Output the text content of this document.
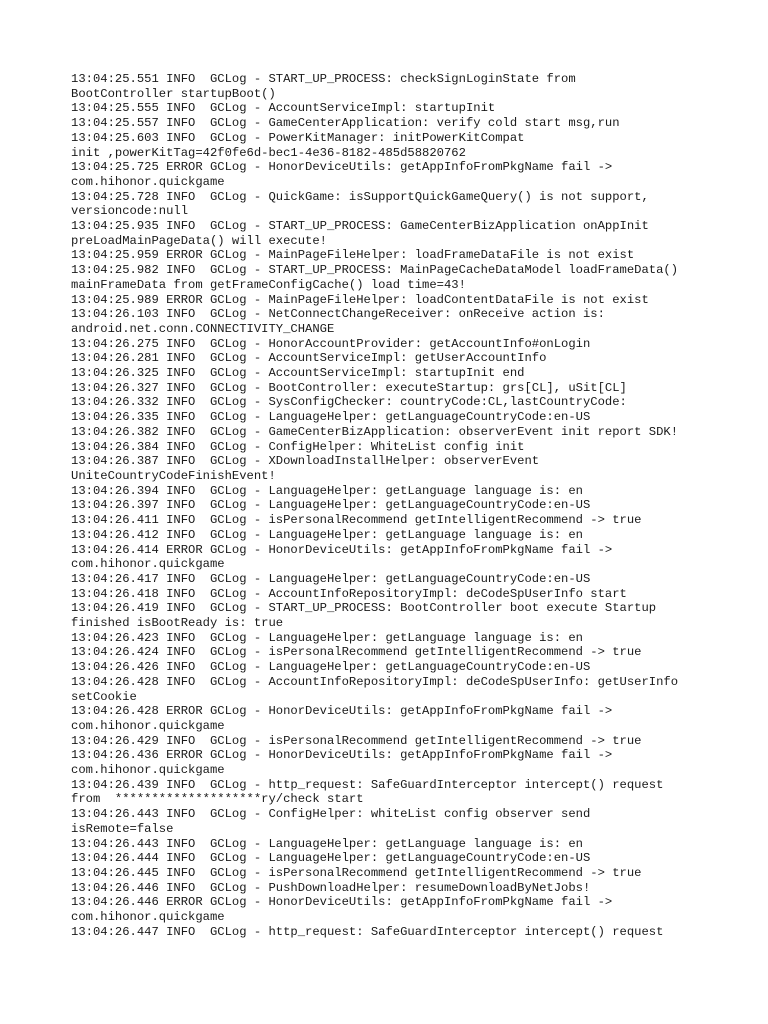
13:04:25.551 INFO  GCLog - START_UP_PROCESS: checkSignLoginState from
BootController startupBoot()
13:04:25.555 INFO  GCLog - AccountServiceImpl: startupInit
13:04:25.557 INFO  GCLog - GameCenterApplication: verify cold start msg,run
13:04:25.603 INFO  GCLog - PowerKitManager: initPowerKitCompat
init ,powerKitTag=42f0fe6d-bec1-4e36-8182-485d58820762
13:04:25.725 ERROR GCLog - HonorDeviceUtils: getAppInfoFromPkgName fail ->
com.hihonor.quickgame
13:04:25.728 INFO  GCLog - QuickGame: isSupportQuickGameQuery() is not support,
versioncode:null
13:04:25.935 INFO  GCLog - START_UP_PROCESS: GameCenterBizApplication onAppInit
preLoadMainPageData() will execute!
13:04:25.959 ERROR GCLog - MainPageFileHelper: loadFrameDataFile is not exist
13:04:25.982 INFO  GCLog - START_UP_PROCESS: MainPageCacheDataModel loadFrameData()
mainFrameData from getFrameConfigCache() load time=43!
13:04:25.989 ERROR GCLog - MainPageFileHelper: loadContentDataFile is not exist
13:04:26.103 INFO  GCLog - NetConnectChangeReceiver: onReceive action is:
android.net.conn.CONNECTIVITY_CHANGE
13:04:26.275 INFO  GCLog - HonorAccountProvider: getAccountInfo#onLogin
13:04:26.281 INFO  GCLog - AccountServiceImpl: getUserAccountInfo
13:04:26.325 INFO  GCLog - AccountServiceImpl: startupInit end
13:04:26.327 INFO  GCLog - BootController: executeStartup: grs[CL], uSit[CL]
13:04:26.332 INFO  GCLog - SysConfigChecker: countryCode:CL,lastCountryCode:
13:04:26.335 INFO  GCLog - LanguageHelper: getLanguageCountryCode:en-US
13:04:26.382 INFO  GCLog - GameCenterBizApplication: observerEvent init report SDK!
13:04:26.384 INFO  GCLog - ConfigHelper: WhiteList config init
13:04:26.387 INFO  GCLog - XDownloadInstallHelper: observerEvent
UniteCountryCodeFinishEvent!
13:04:26.394 INFO  GCLog - LanguageHelper: getLanguage language is: en
13:04:26.397 INFO  GCLog - LanguageHelper: getLanguageCountryCode:en-US
13:04:26.411 INFO  GCLog - isPersonalRecommend getIntelligentRecommend -> true
13:04:26.412 INFO  GCLog - LanguageHelper: getLanguage language is: en
13:04:26.414 ERROR GCLog - HonorDeviceUtils: getAppInfoFromPkgName fail ->
com.hihonor.quickgame
13:04:26.417 INFO  GCLog - LanguageHelper: getLanguageCountryCode:en-US
13:04:26.418 INFO  GCLog - AccountInfoRepositoryImpl: deCodeSpUserInfo start
13:04:26.419 INFO  GCLog - START_UP_PROCESS: BootController boot execute Startup
finished isBootReady is: true
13:04:26.423 INFO  GCLog - LanguageHelper: getLanguage language is: en
13:04:26.424 INFO  GCLog - isPersonalRecommend getIntelligentRecommend -> true
13:04:26.426 INFO  GCLog - LanguageHelper: getLanguageCountryCode:en-US
13:04:26.428 INFO  GCLog - AccountInfoRepositoryImpl: deCodeSpUserInfo: getUserInfo
setCookie
13:04:26.428 ERROR GCLog - HonorDeviceUtils: getAppInfoFromPkgName fail ->
com.hihonor.quickgame
13:04:26.429 INFO  GCLog - isPersonalRecommend getIntelligentRecommend -> true
13:04:26.436 ERROR GCLog - HonorDeviceUtils: getAppInfoFromPkgName fail ->
com.hihonor.quickgame
13:04:26.439 INFO  GCLog - http_request: SafeGuardInterceptor intercept() request
from  ********************ry/check start
13:04:26.443 INFO  GCLog - ConfigHelper: whiteList config observer send
isRemote=false
13:04:26.443 INFO  GCLog - LanguageHelper: getLanguage language is: en
13:04:26.444 INFO  GCLog - LanguageHelper: getLanguageCountryCode:en-US
13:04:26.445 INFO  GCLog - isPersonalRecommend getIntelligentRecommend -> true
13:04:26.446 INFO  GCLog - PushDownloadHelper: resumeDownloadByNetJobs!
13:04:26.446 ERROR GCLog - HonorDeviceUtils: getAppInfoFromPkgName fail ->
com.hihonor.quickgame
13:04:26.447 INFO  GCLog - http_request: SafeGuardInterceptor intercept() request
